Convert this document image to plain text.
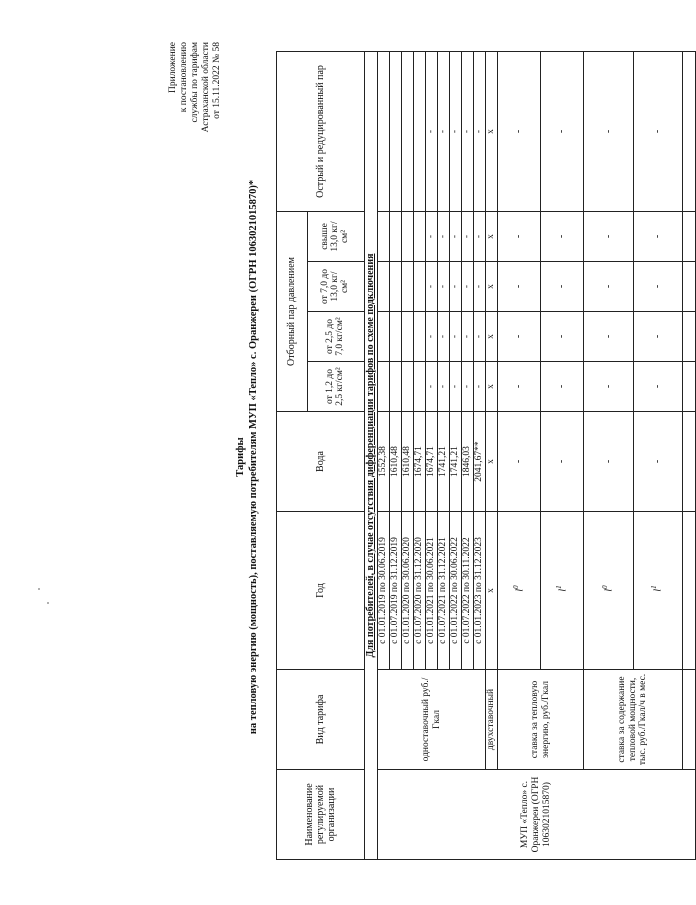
Приложение к постановлению службы по тарифам Астраханской области от 15.11.2022 № 58
Тарифы на тепловую энергию (мощность), поставляемую потребителям МУП «Тепло» с. Оранжереи (ОГРН 1063021015870)*
Наименование регулируемой организации	Вид тарифа	Год	Вода	Отборный пар давлением				Острый и редуцированный пар
				от 1,2 до 2,5 кг/см²	от 2,5 до 7,0 кг/см²	от 7,0 до 13,0 кг/см²	свыше 13,0 кг/см²	
Для потребителей, в случае отсутствия дифференциации тарифов по схеме подключения								
МУП «Тепло» с. Оранжереи (ОГРН 1063021015870)	одноставочный руб./Гкал	с 01.01.2019 по 30.06.2019	1552,38					
		с 01.07.2019 по 31.12.2019	1610,48					
		с 01.01.2020 по 30.06.2020	1610,48					
		с 01.07.2020 по 31.12.2020	1674,71					
		с 01.01.2021 по 30.06.2021	1674,71	-	-	-	-	-
		с 01.07.2021 по 31.12.2021	1741,21	-	-	-	-	-
		с 01.01.2022 по 30.06.2022	1741,21	-	-	-	-	-
		с 01.07.2022 по 30.11.2022	1846,03	-	-	-	-	-
		с 01.01.2023 по 31.12.2023	2041,67**	-	-	-	-	-
	двухставочный	х	х	х	х	х	х	х
	ставка за тепловую энергию, руб./Гкал	$l^0$	-	-	-	-	-	-
		$l^1$	-	-	-	-	-	-
	ставка за содержание тепловой мощности, тыс. руб./Гкал/ч в мес.	$l^0$	-	-	-	-	-	-
		$l^1$	-	-	-	-	-	-
